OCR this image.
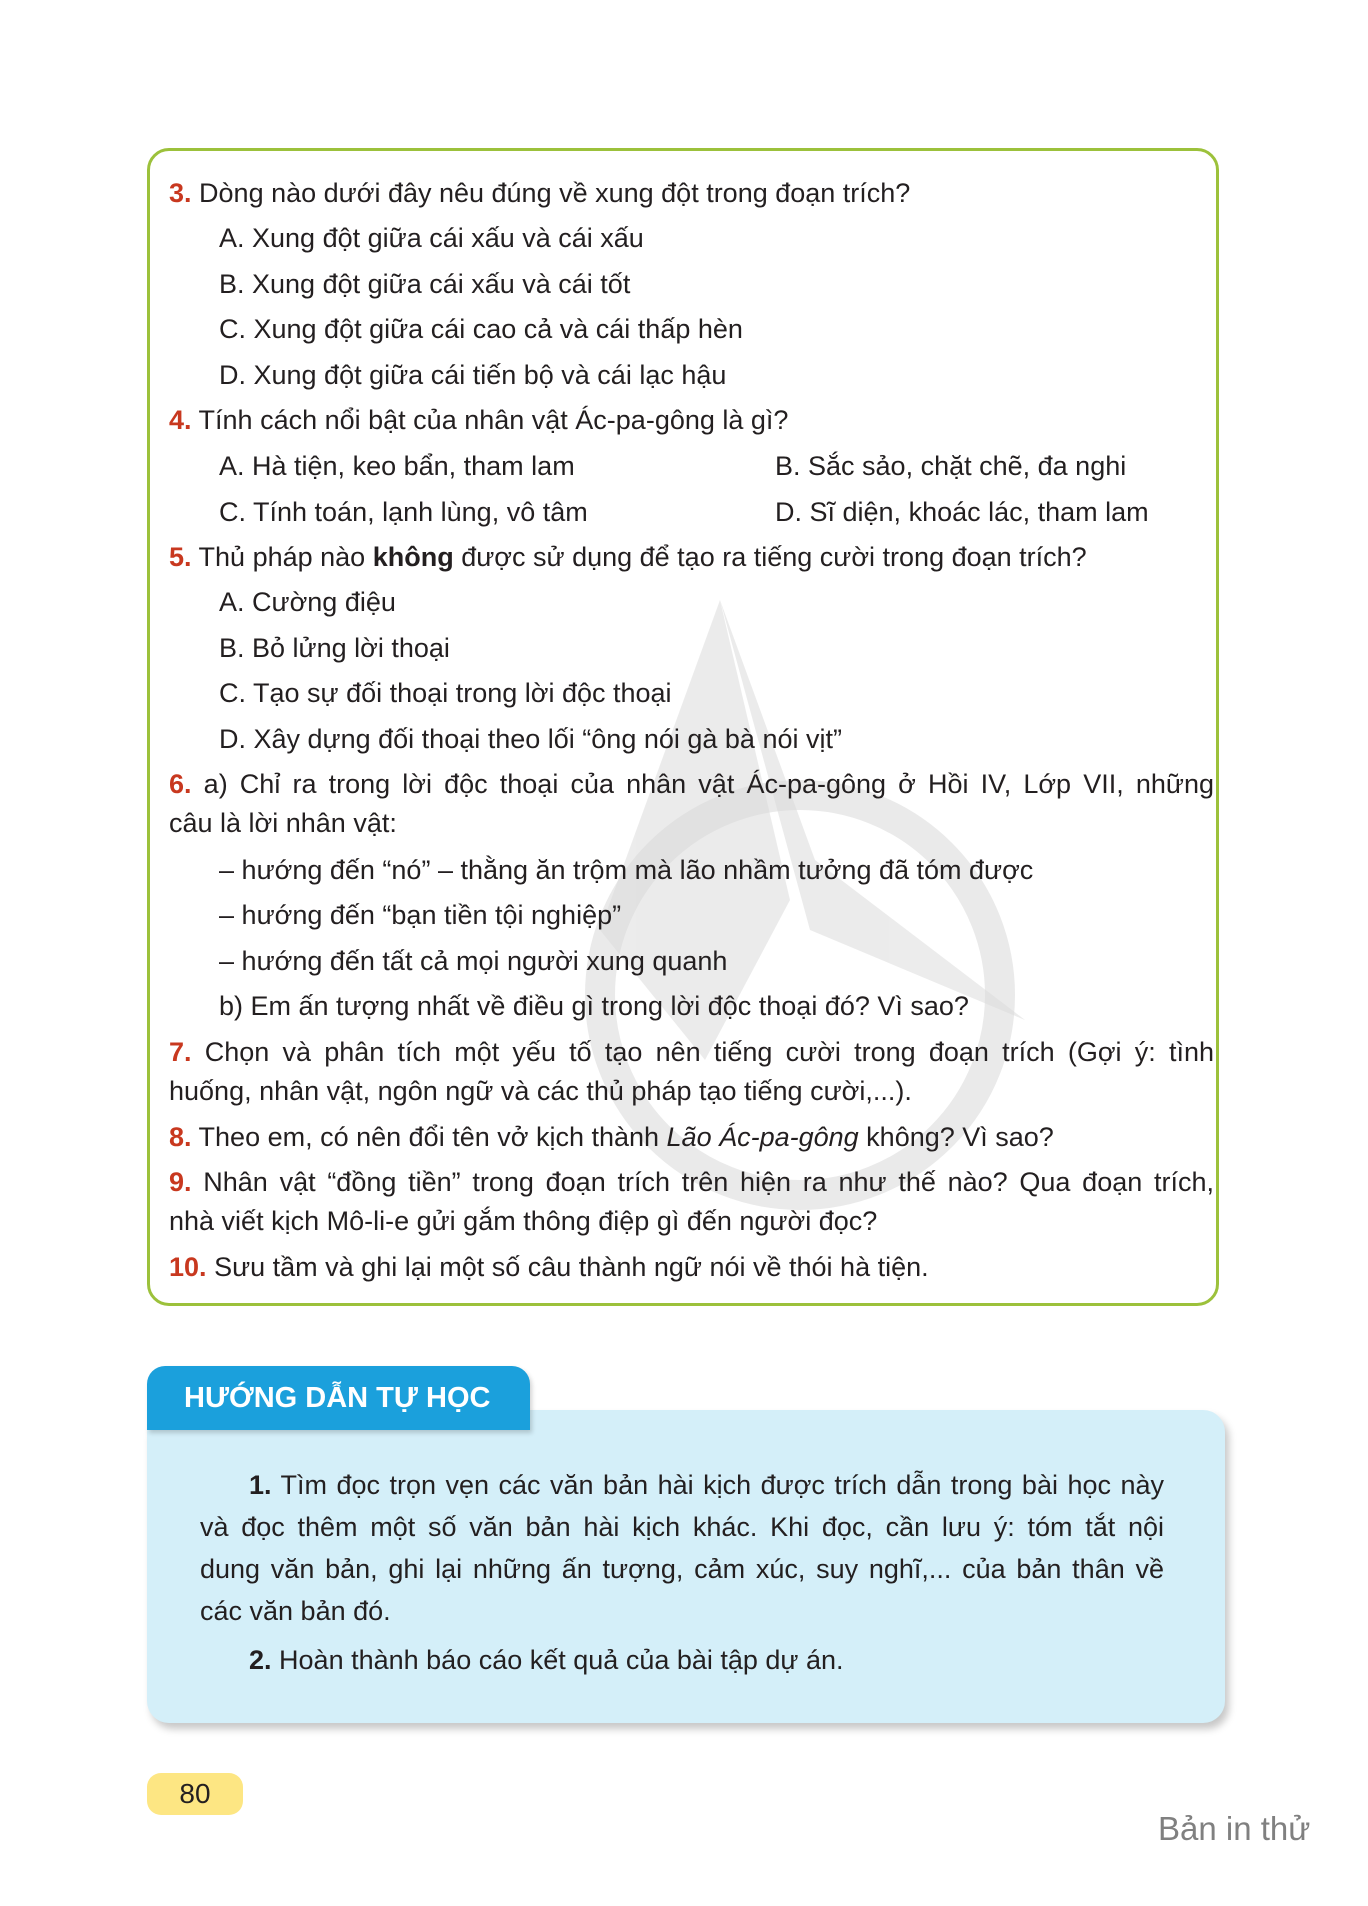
3. Dòng nào dưới đây nêu đúng về xung đột trong đoạn trích?
A. Xung đột giữa cái xấu và cái xấu
B. Xung đột giữa cái xấu và cái tốt
C. Xung đột giữa cái cao cả và cái thấp hèn
D. Xung đột giữa cái tiến bộ và cái lạc hậu
4. Tính cách nổi bật của nhân vật Ác-pa-gông là gì?
A. Hà tiện, keo bẩn, tham lam	B. Sắc sảo, chặt chẽ, đa nghi
C. Tính toán, lạnh lùng, vô tâm	D. Sĩ diện, khoác lác, tham lam
5. Thủ pháp nào không được sử dụng để tạo ra tiếng cười trong đoạn trích?
A. Cường điệu
B. Bỏ lửng lời thoại
C. Tạo sự đối thoại trong lời độc thoại
D. Xây dựng đối thoại theo lối “ông nói gà bà nói vịt”
6. a) Chỉ ra trong lời độc thoại của nhân vật Ác-pa-gông ở Hồi IV, Lớp VII, những
câu là lời nhân vật:
– hướng đến “nó” – thằng ăn trộm mà lão nhầm tưởng đã tóm được
– hướng đến “bạn tiền tội nghiệp”
– hướng đến tất cả mọi người xung quanh
b) Em ấn tượng nhất về điều gì trong lời độc thoại đó? Vì sao?
7. Chọn và phân tích một yếu tố tạo nên tiếng cười trong đoạn trích (Gợi ý: tình
huống, nhân vật, ngôn ngữ và các thủ pháp tạo tiếng cười,...).
8. Theo em, có nên đổi tên vở kịch thành Lão Ác-pa-gông không? Vì sao?
9. Nhân vật “đồng tiền” trong đoạn trích trên hiện ra như thế nào? Qua đoạn trích,
nhà viết kịch Mô-li-e gửi gắm thông điệp gì đến người đọc?
10. Sưu tầm và ghi lại một số câu thành ngữ nói về thói hà tiện.
HƯỚNG DẪN TỰ HỌC
1. Tìm đọc trọn vẹn các văn bản hài kịch được trích dẫn trong bài học này
và đọc thêm một số văn bản hài kịch khác. Khi đọc, cần lưu ý: tóm tắt nội
dung văn bản, ghi lại những ấn tượng, cảm xúc, suy nghĩ,... của bản thân về
các văn bản đó.
2. Hoàn thành báo cáo kết quả của bài tập dự án.
80
Bản in thử
